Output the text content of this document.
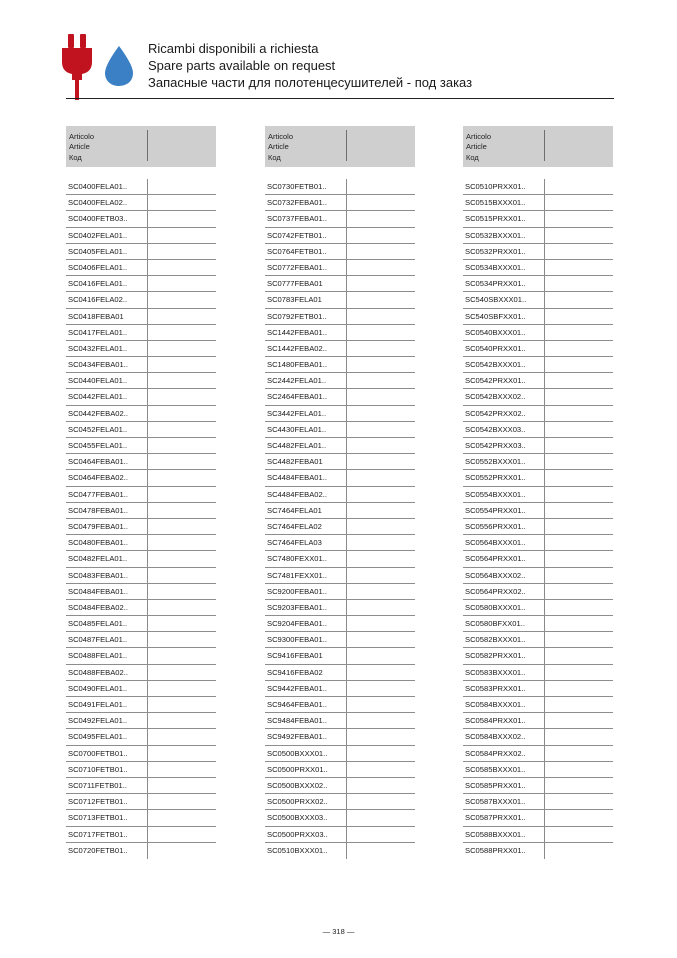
Ricambi disponibili a richiesta
Spare parts available on request
Запасные части для полотенцесушителей - под заказ
Articolo
Article
Код
SC0400FELA01..
SC0400FELA02..
SC0400FETB03..
SC0402FELA01..
SC0405FELA01..
SC0406FELA01..
SC0416FELA01..
SC0416FELA02..
SC0418FEBA01
SC0417FELA01..
SC0432FELA01..
SC0434FEBA01..
SC0440FELA01..
SC0442FELA01..
SC0442FEBA02..
SC0452FELA01..
SC0455FELA01..
SC0464FEBA01..
SC0464FEBA02..
SC0477FEBA01..
SC0478FEBA01..
SC0479FEBA01..
SC0480FEBA01..
SC0482FELA01..
SC0483FEBA01..
SC0484FEBA01..
SC0484FEBA02..
SC0485FELA01..
SC0487FELA01..
SC0488FELA01..
SC0488FEBA02..
SC0490FELA01..
SC0491FELA01..
SC0492FELA01..
SC0495FELA01..
SC0700FETB01..
SC0710FETB01..
SC0711FETB01..
SC0712FETB01..
SC0713FETB01..
SC0717FETB01..
SC0720FETB01..
Articolo
Article
Код
SC0730FETB01..
SC0732FEBA01..
SC0737FEBA01..
SC0742FETB01..
SC0764FETB01..
SC0772FEBA01..
SC0777FEBA01
SC0783FELA01
SC0792FETB01..
SC1442FEBA01..
SC1442FEBA02..
SC1480FEBA01..
SC2442FELA01..
SC2464FEBA01..
SC3442FELA01..
SC4430FELA01..
SC4482FELA01..
SC4482FEBA01
SC4484FEBA01..
SC4484FEBA02..
SC7464FELA01
SC7464FELA02
SC7464FELA03
SC7480FEXX01..
SC7481FEXX01..
SC9200FEBA01..
SC9203FEBA01..
SC9204FEBA01..
SC9300FEBA01..
SC9416FEBA01
SC9416FEBA02
SC9442FEBA01..
SC9464FEBA01..
SC9484FEBA01..
SC9492FEBA01..
SC0500BXXX01..
SC0500PRXX01..
SC0500BXXX02..
SC0500PRXX02..
SC0500BXXX03..
SC0500PRXX03..
SC0510BXXX01..
Articolo
Article
Код
SC0510PRXX01..
SC0515BXXX01..
SC0515PRXX01..
SC0532BXXX01..
SC0532PRXX01..
SC0534BXXX01..
SC0534PRXX01..
SC540SBXXX01..
SC540SBFXX01..
SC0540BXXX01..
SC0540PRXX01..
SC0542BXXX01..
SC0542PRXX01..
SC0542BXXX02..
SC0542PRXX02..
SC0542BXXX03..
SC0542PRXX03..
SC0552BXXX01..
SC0552PRXX01..
SC0554BXXX01..
SC0554PRXX01..
SC0556PRXX01..
SC0564BXXX01..
SC0564PRXX01..
SC0564BXXX02..
SC0564PRXX02..
SC0580BXXX01..
SC0580BFXX01..
SC0582BXXX01..
SC0582PRXX01..
SC0583BXXX01..
SC0583PRXX01..
SC0584BXXX01..
SC0584PRXX01..
SC0584BXXX02..
SC0584PRXX02..
SC0585BXXX01..
SC0585PRXX01..
SC0587BXXX01..
SC0587PRXX01..
SC0588BXXX01..
SC0588PRXX01..
— 318 —
